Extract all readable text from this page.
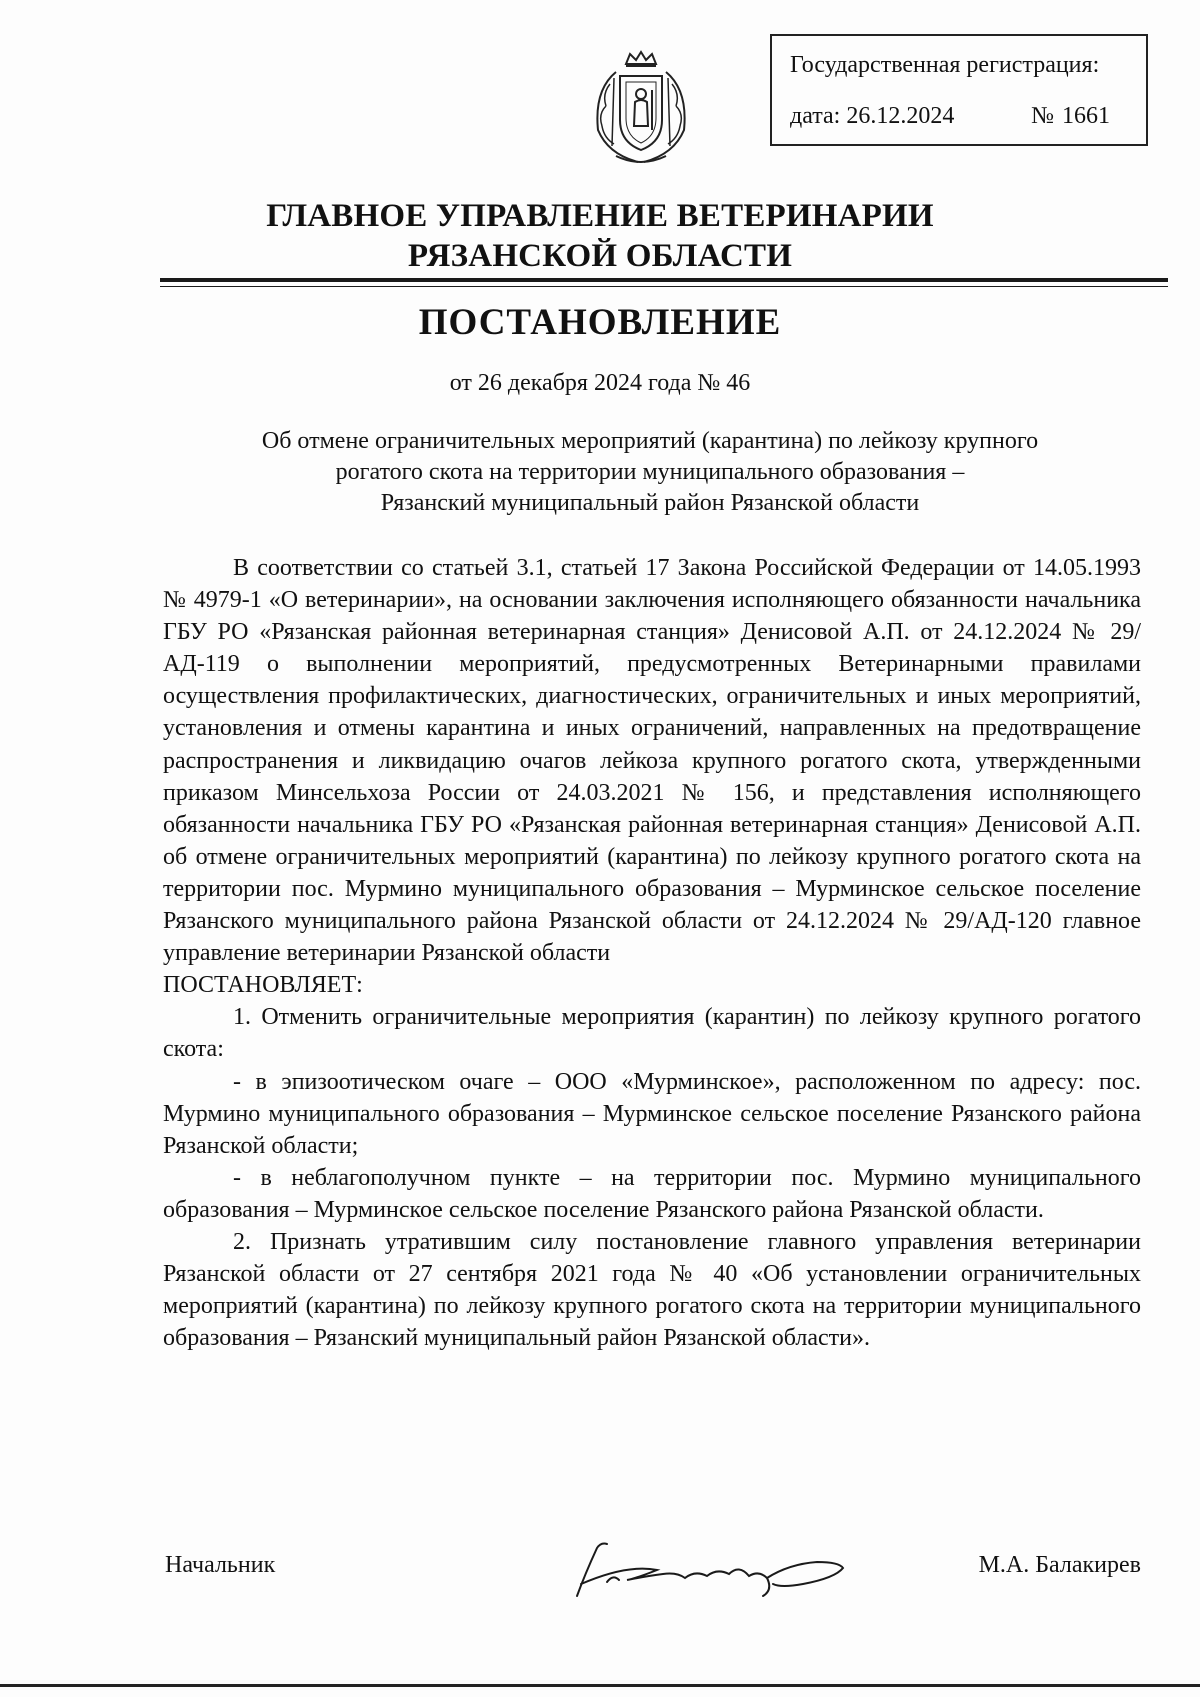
Государственная регистрация:
дата: 26.12.2024	№ 1661
ГЛАВНОЕ УПРАВЛЕНИЕ ВЕТЕРИНАРИИ
РЯЗАНСКОЙ ОБЛАСТИ
ПОСТАНОВЛЕНИЕ
от 26 декабря 2024 года № 46
Об отмене ограничительных мероприятий (карантина) по лейкозу крупного
рогатого скота на территории муниципального образования –
Рязанский муниципальный район Рязанской области

В соответствии со статьей 3.1, статьей 17 Закона Российской Федерации от 14.05.1993 № 4979-1 «О ветеринарии», на основании заключения исполняющего обязанности начальника ГБУ РО «Рязанская районная ветеринарная станция» Денисовой А.П. от 24.12.2024 № 29/АД-119 о выполнении мероприятий, предусмотренных Ветеринарными правилами осуществления профилактических, диагностических, ограничительных и иных мероприятий, установления и отмены карантина и иных ограничений, направленных на предотвращение распространения и ликвидацию очагов лейкоза крупного рогатого скота, утвержденными приказом Минсельхоза России от 24.03.2021 № 156, и представления исполняющего обязанности начальника ГБУ РО «Рязанская районная ветеринарная станция» Денисовой А.П. об отмене ограничительных мероприятий (карантина) по лейкозу крупного рогатого скота на территории пос. Мурмино муниципального образования – Мурминское сельское поселение Рязанского муниципального района Рязанской области от 24.12.2024 № 29/АД-120 главное управление ветеринарии Рязанской области

ПОСТАНОВЛЯЕТ:

1. Отменить ограничительные мероприятия (карантин) по лейкозу крупного рогатого скота:

- в эпизоотическом очаге – ООО «Мурминское», расположенном по адресу: пос. Мурмино муниципального образования – Мурминское сельское поселение Рязанского района Рязанской области;

- в неблагополучном пункте – на территории пос. Мурмино муниципального образования – Мурминское сельское поселение Рязанского района Рязанской области.

2. Признать утратившим силу постановление главного управления ветеринарии Рязанской области от 27 сентября 2021 года № 40 «Об установлении ограничительных мероприятий (карантина) по лейкозу крупного рогатого скота на территории муниципального образования – Рязанский муниципальный район Рязанской области».

Начальник	М.А. Балакирев
